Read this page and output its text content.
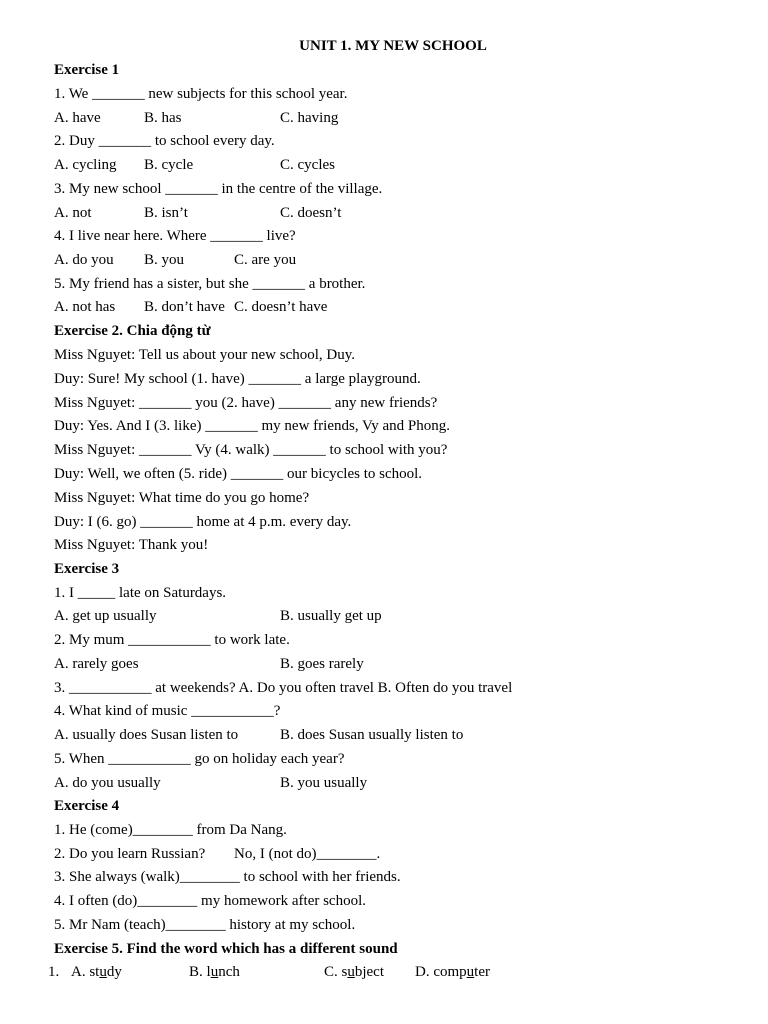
UNIT 1. MY NEW SCHOOL
Exercise 1
1. We _______ new subjects for this school year.
A. have	B. has	C. having
2. Duy _______ to school every day.
A. cycling B. cycle	C. cycles
3. My new school _______ in the centre of the village.
A. not	B. isn’t	C. doesn’t
4. I live near here. Where _______ live?
A. do you B. you	C. are you
5. My friend has a sister, but she _______ a brother.
A. not has B. don’t have C. doesn’t have
Exercise 2. Chia động từ
Miss Nguyet: Tell us about your new school, Duy.
Duy: Sure! My school (1. have) _______ a large playground.
Miss Nguyet: _______ you (2. have) _______ any new friends?
Duy: Yes. And I (3. like) _______ my new friends, Vy and Phong.
Miss Nguyet: _______ Vy (4. walk) _______ to school with you?
Duy: Well, we often (5. ride) _______ our bicycles to school.
Miss Nguyet: What time do you go home?
Duy: I (6. go) _______ home at 4 p.m. every day.
Miss Nguyet: Thank you!
Exercise 3
1. I _____ late on Saturdays.
A. get up usually	B. usually get up
2. My mum ___________ to work late.
A. rarely goes	B. goes rarely
3. ___________ at weekends? A. Do you often travel B. Often do you travel
4. What kind of music ___________?
A. usually does Susan listen to	B. does Susan usually listen to
5. When ___________ go on holiday each year?
A. do you usually	B. you usually
Exercise 4
1. He (come)________ from Da Nang.
2. Do you learn Russian? No, I (not do)________.
3. She always (walk)________ to school with her friends.
4. I often (do)________ my homework after school.
5. Mr Nam (teach)________ history at my school.
Exercise 5. Find the word which has a different sound
1. A. study	B. lunch	C. subject D. computer
